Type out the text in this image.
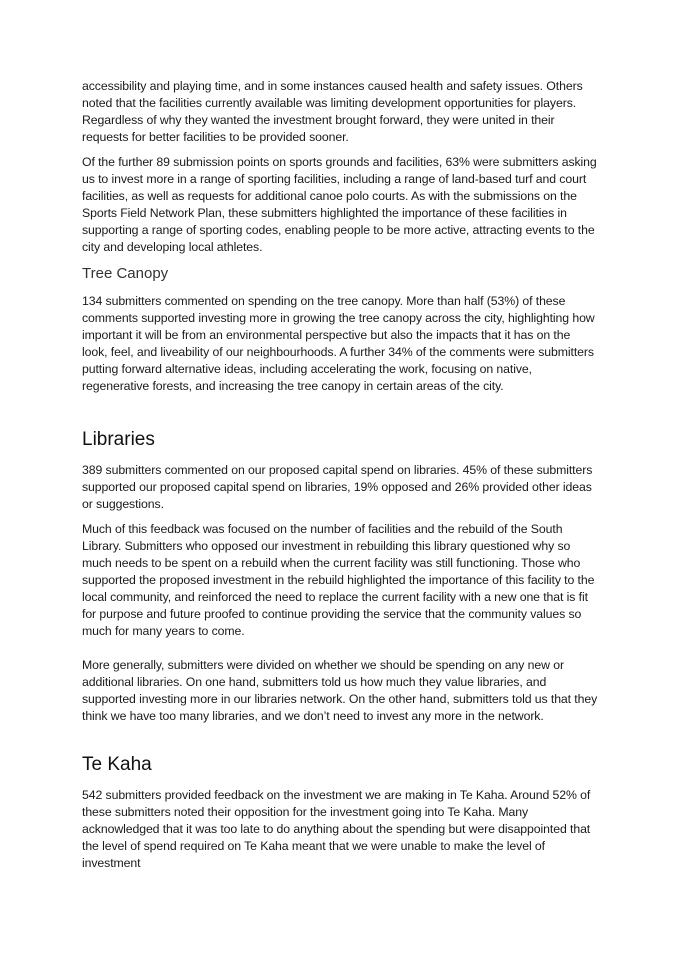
accessibility and playing time, and in some instances caused health and safety issues. Others noted that the facilities currently available was limiting development opportunities for players. Regardless of why they wanted the investment brought forward, they were united in their requests for better facilities to be provided sooner.

Of the further 89 submission points on sports grounds and facilities, 63% were submitters asking us to invest more in a range of sporting facilities, including a range of land-based turf and court facilities, as well as requests for additional canoe polo courts. As with the submissions on the Sports Field Network Plan, these submitters highlighted the importance of these facilities in supporting a range of sporting codes, enabling people to be more active, attracting events to the city and developing local athletes.

Tree Canopy

134 submitters commented on spending on the tree canopy. More than half (53%) of these comments supported investing more in growing the tree canopy across the city, highlighting how important it will be from an environmental perspective but also the impacts that it has on the look, feel, and liveability of our neighbourhoods. A further 34% of the comments were submitters putting forward alternative ideas, including accelerating the work, focusing on native, regenerative forests, and increasing the tree canopy in certain areas of the city.

Libraries

389 submitters commented on our proposed capital spend on libraries. 45% of these submitters supported our proposed capital spend on libraries, 19% opposed and 26% provided other ideas or suggestions.

Much of this feedback was focused on the number of facilities and the rebuild of the South Library. Submitters who opposed our investment in rebuilding this library questioned why so much needs to be spent on a rebuild when the current facility was still functioning. Those who supported the proposed investment in the rebuild highlighted the importance of this facility to the local community, and reinforced the need to replace the current facility with a new one that is fit for purpose and future proofed to continue providing the service that the community values so much for many years to come.

More generally, submitters were divided on whether we should be spending on any new or additional libraries. On one hand, submitters told us how much they value libraries, and supported investing more in our libraries network. On the other hand, submitters told us that they think we have too many libraries, and we don’t need to invest any more in the network.

Te Kaha

542 submitters provided feedback on the investment we are making in Te Kaha. Around 52% of these submitters noted their opposition for the investment going into Te Kaha. Many acknowledged that it was too late to do anything about the spending but were disappointed that the level of spend required on Te Kaha meant that we were unable to make the level of investment
